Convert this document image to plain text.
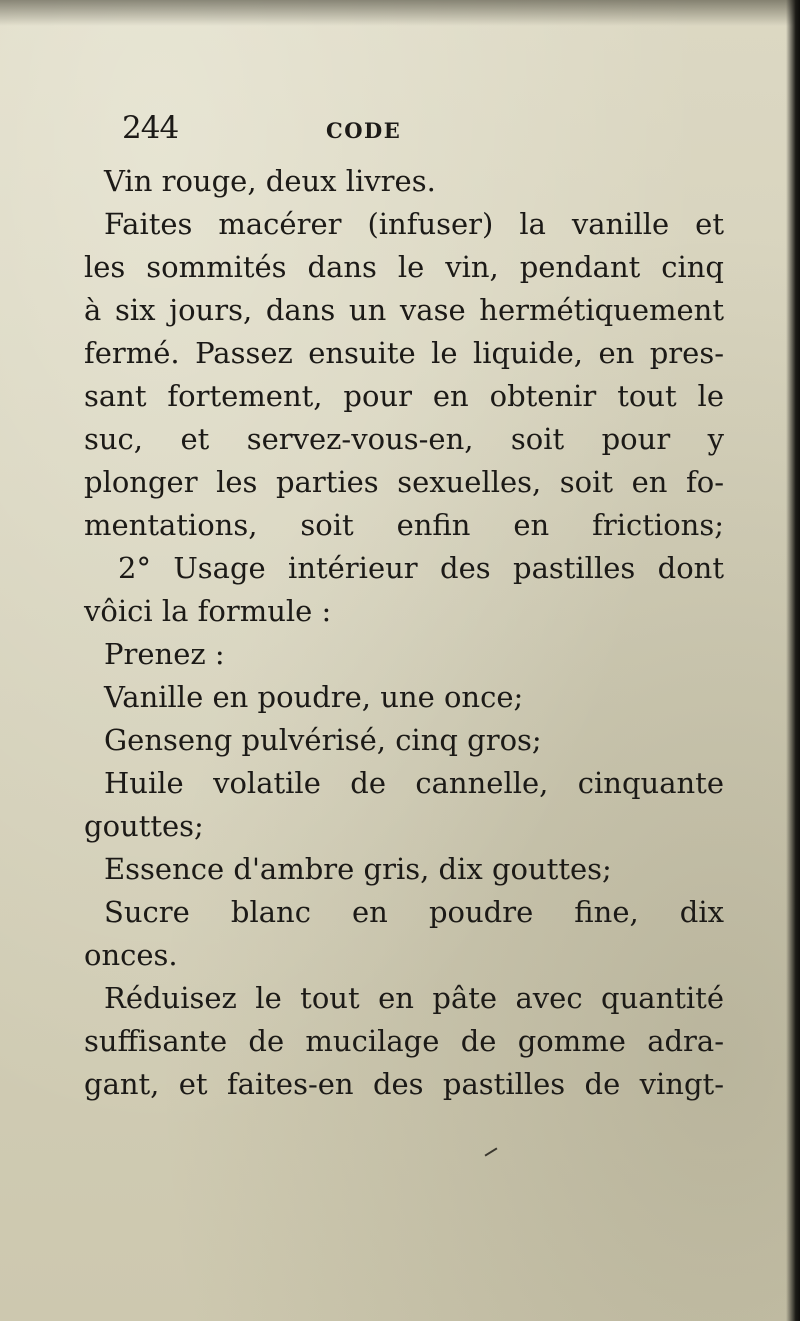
244	CODE
Vin rouge, deux livres.
Faites macérer (infuser) la vanille et
les sommités dans le vin, pendant cinq
à six jours, dans un vase hermétiquement
fermé. Passez ensuite le liquide, en pres-
sant fortement, pour en obtenir tout le
suc, et servez-vous-en, soit pour y
plonger les parties sexuelles, soit en fo-
mentations, soit enfin en frictions;
2° Usage intérieur des pastilles dont
vôici la formule :
Prenez :
Vanille en poudre, une once;
Genseng pulvérisé, cinq gros;
Huile volatile de cannelle, cinquante
gouttes;
Essence d'ambre gris, dix gouttes;
Sucre blanc en poudre fine, dix
onces.
Réduisez le tout en pâte avec quantité
suffisante de mucilage de gomme adra-
gant, et faites-en des pastilles de vingt-
